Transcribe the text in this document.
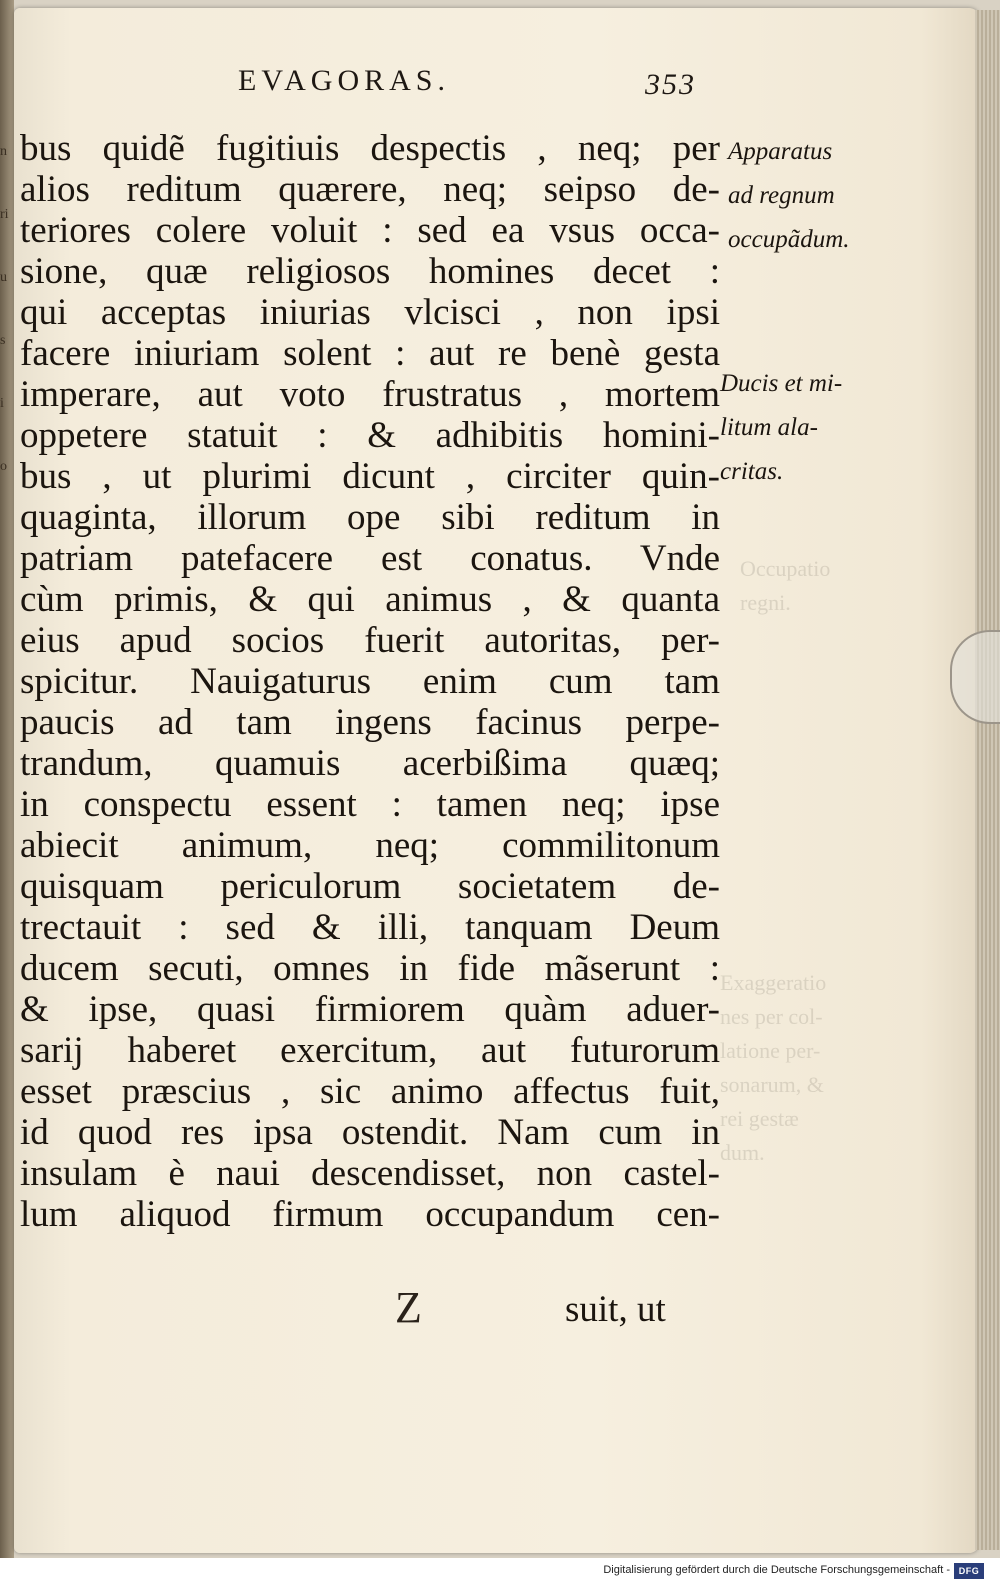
n
ri
u
s
i
o
EVAGORAS.	353
bus quidẽ fugitiuis despectis , neq; per
alios reditum quærere, neq; seipso de-
teriores colere voluit : sed ea vsus occa-
sione, quæ religiosos homines decet :
qui acceptas iniurias vlcisci , non ipsi
facere iniuriam solent : aut re benè gesta
imperare, aut voto frustratus , mortem
oppetere statuit : & adhibitis homini-
bus , ut plurimi dicunt , circiter quin-
quaginta, illorum ope sibi reditum in
patriam patefacere est conatus. Vnde
cùm primis, & qui animus , & quanta
eius apud socios fuerit autoritas, per-
spicitur. Nauigaturus enim cum tam
paucis ad tam ingens facinus perpe-
trandum, quamuis acerbißima quæq;
in conspectu essent : tamen neq; ipse
abiecit animum, neq; commilitonum
quisquam periculorum societatem de-
trectauit : sed & illi, tanquam Deum
ducem secuti, omnes in fide mãserunt :
& ipse, quasi firmiorem quàm aduer-
sarij haberet exercitum, aut futurorum
esset præscius , sic animo affectus fuit,
id quod res ipsa ostendit. Nam cum in
insulam è naui descendisset, non castel-
lum aliquod firmum occupandum cen-
Apparatus
ad regnum
occupãdum.
Ducis et mi-
litum ala-
critas.
Occupatio
regni.
Exaggeratio
nes per col-
latione per-
sonarum, &
rei gestæ
dum.
Z	suit, ut
Digitalisierung gefördert durch die Deutsche Forschungsgemeinschaft - DFG
